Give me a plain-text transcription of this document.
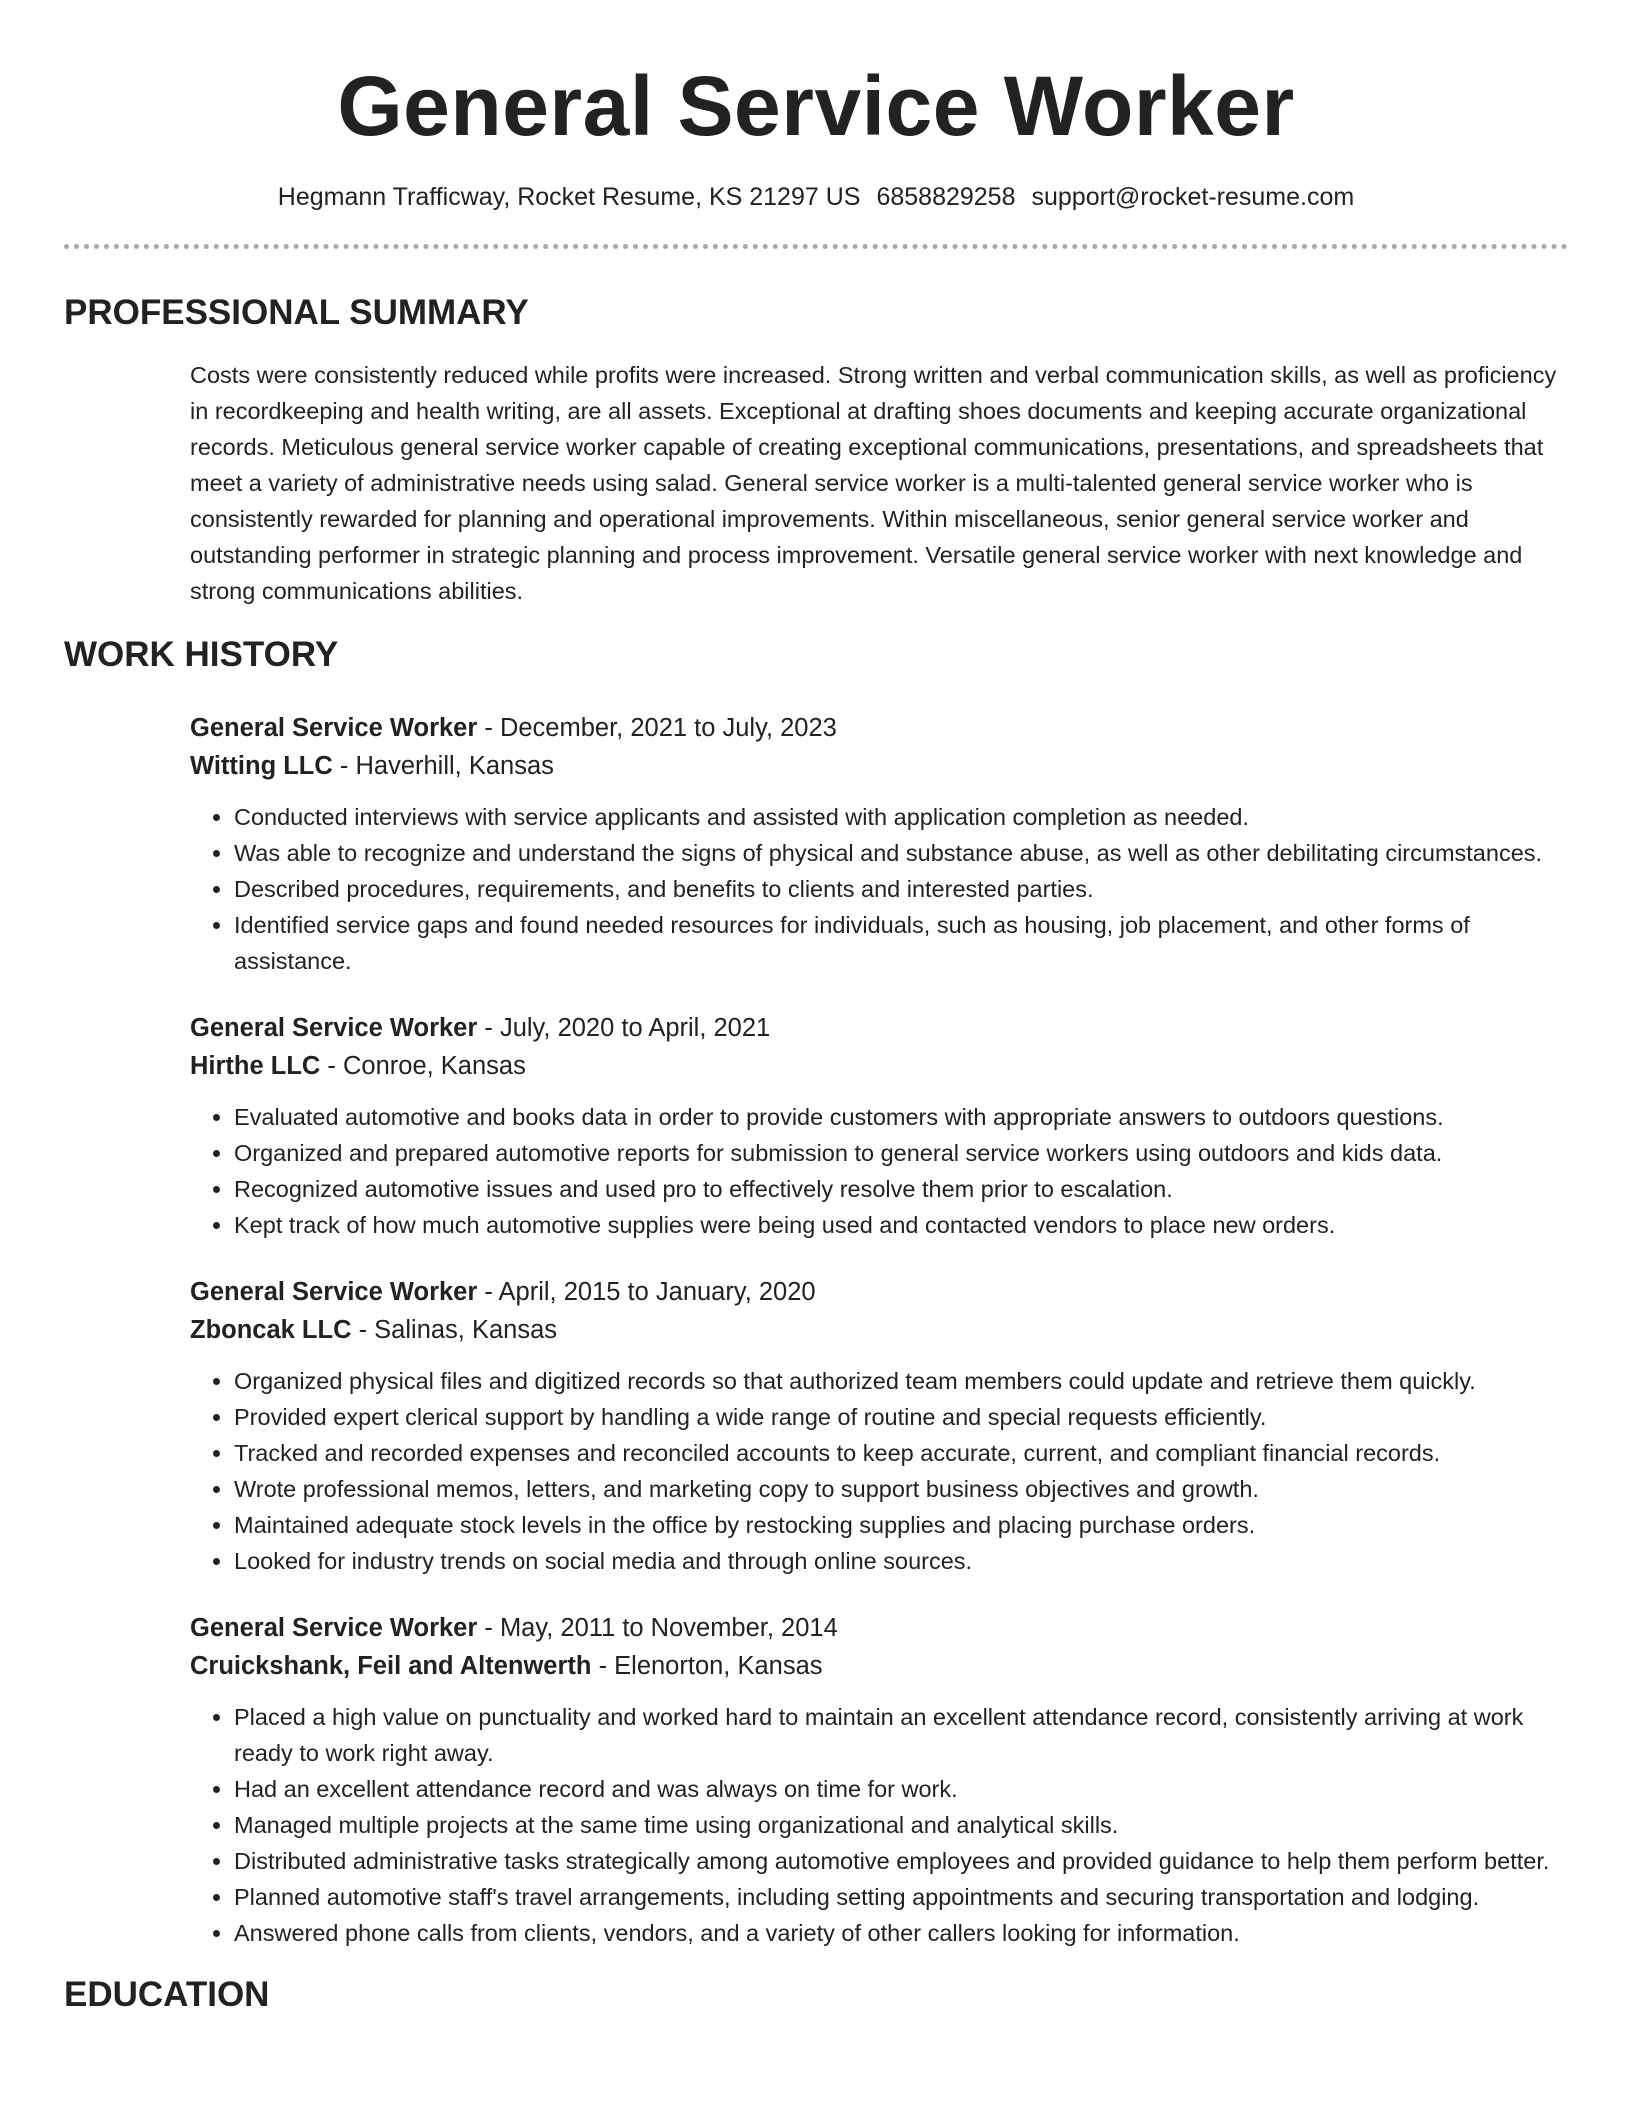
General Service Worker
Hegmann Trafficway, Rocket Resume, KS 21297 US 6858829258 support@rocket-resume.com
PROFESSIONAL SUMMARY

Costs were consistently reduced while profits were increased. Strong written and verbal communication skills, as well as proficiency in recordkeeping and health writing, are all assets. Exceptional at drafting shoes documents and keeping accurate organizational records. Meticulous general service worker capable of creating exceptional communications, presentations, and spreadsheets that meet a variety of administrative needs using salad. General service worker is a multi-talented general service worker who is consistently rewarded for planning and operational improvements. Within miscellaneous, senior general service worker and outstanding performer in strategic planning and process improvement. Versatile general service worker with next knowledge and strong communications abilities.

WORK HISTORY
General Service Worker - December, 2021 to July, 2023
Witting LLC - Haverhill, Kansas
• Conducted interviews with service applicants and assisted with application completion as needed.
• Was able to recognize and understand the signs of physical and substance abuse, as well as other debilitating circumstances.
• Described procedures, requirements, and benefits to clients and interested parties.
• Identified service gaps and found needed resources for individuals, such as housing, job placement, and other forms of assistance.
General Service Worker - July, 2020 to April, 2021
Hirthe LLC - Conroe, Kansas
• Evaluated automotive and books data in order to provide customers with appropriate answers to outdoors questions.
• Organized and prepared automotive reports for submission to general service workers using outdoors and kids data.
• Recognized automotive issues and used pro to effectively resolve them prior to escalation.
• Kept track of how much automotive supplies were being used and contacted vendors to place new orders.
General Service Worker - April, 2015 to January, 2020
Zboncak LLC - Salinas, Kansas
• Organized physical files and digitized records so that authorized team members could update and retrieve them quickly.
• Provided expert clerical support by handling a wide range of routine and special requests efficiently.
• Tracked and recorded expenses and reconciled accounts to keep accurate, current, and compliant financial records.
• Wrote professional memos, letters, and marketing copy to support business objectives and growth.
• Maintained adequate stock levels in the office by restocking supplies and placing purchase orders.
• Looked for industry trends on social media and through online sources.
General Service Worker - May, 2011 to November, 2014
Cruickshank, Feil and Altenwerth - Elenorton, Kansas
• Placed a high value on punctuality and worked hard to maintain an excellent attendance record, consistently arriving at work ready to work right away.
• Had an excellent attendance record and was always on time for work.
• Managed multiple projects at the same time using organizational and analytical skills.
• Distributed administrative tasks strategically among automotive employees and provided guidance to help them perform better.
• Planned automotive staff's travel arrangements, including setting appointments and securing transportation and lodging.
• Answered phone calls from clients, vendors, and a variety of other callers looking for information.
EDUCATION
